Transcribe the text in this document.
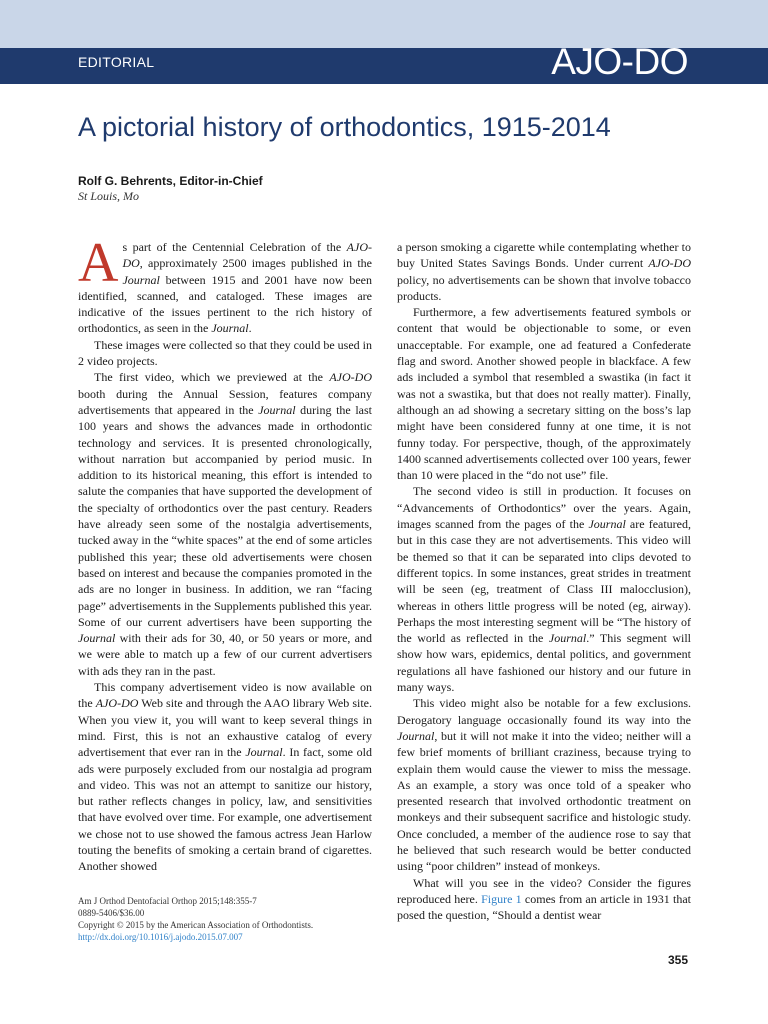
EDITORIAL	AJO-DO
A pictorial history of orthodontics, 1915-2014
Rolf G. Behrents, Editor-in-Chief
St Louis, Mo

As part of the Centennial Celebration of the AJO-DO, approximately 2500 images published in the Journal between 1915 and 2001 have now been identified, scanned, and cataloged. These images are indicative of the issues pertinent to the rich history of orthodontics, as seen in the Journal.

These images were collected so that they could be used in 2 video projects.

The first video, which we previewed at the AJO-DO booth during the Annual Session, features company advertisements that appeared in the Journal during the last 100 years and shows the advances made in orthodontic technology and services. It is presented chronologically, without narration but accompanied by period music. In addition to its historical meaning, this effort is intended to salute the companies that have supported the development of the specialty of orthodontics over the past century. Readers have already seen some of the nostalgia advertisements, tucked away in the “white spaces” at the end of some articles published this year; these old advertisements were chosen based on interest and because the companies promoted in the ads are no longer in business. In addition, we ran “facing page” advertisements in the Supplements published this year. Some of our current advertisers have been supporting the Journal with their ads for 30, 40, or 50 years or more, and we were able to match up a few of our current advertisers with ads they ran in the past.

This company advertisement video is now available on the AJO-DO Web site and through the AAO library Web site. When you view it, you will want to keep several things in mind. First, this is not an exhaustive catalog of every advertisement that ever ran in the Journal. In fact, some old ads were purposely excluded from our nostalgia ad program and video. This was not an attempt to sanitize our history, but rather reflects changes in policy, law, and sensitivities that have evolved over time. For example, one advertisement we chose not to use showed the famous actress Jean Harlow touting the benefits of smoking a certain brand of cigarettes. Another showed

a person smoking a cigarette while contemplating whether to buy United States Savings Bonds. Under current AJO-DO policy, no advertisements can be shown that involve tobacco products.

Furthermore, a few advertisements featured symbols or content that would be objectionable to some, or even unacceptable. For example, one ad featured a Confederate flag and sword. Another showed people in blackface. A few ads included a symbol that resembled a swastika (in fact it was not a swastika, but that does not really matter). Finally, although an ad showing a secretary sitting on the boss’s lap might have been considered funny at one time, it is not funny today. For perspective, though, of the approximately 1400 scanned advertisements collected over 100 years, fewer than 10 were placed in the “do not use” file.

The second video is still in production. It focuses on “Advancements of Orthodontics” over the years. Again, images scanned from the pages of the Journal are featured, but in this case they are not advertisements. This video will be themed so that it can be separated into clips devoted to different topics. In some instances, great strides in treatment will be seen (eg, treatment of Class III malocclusion), whereas in others little progress will be noted (eg, airway). Perhaps the most interesting segment will be “The history of the world as reflected in the Journal.” This segment will show how wars, epidemics, dental politics, and government regulations all have fashioned our history and our future in many ways.

This video might also be notable for a few exclusions. Derogatory language occasionally found its way into the Journal, but it will not make it into the video; neither will a few brief moments of brilliant craziness, because trying to explain them would cause the viewer to miss the message. As an example, a story was once told of a speaker who presented research that involved orthodontic treatment on monkeys and their subsequent sacrifice and histologic study. Once concluded, a member of the audience rose to say that he believed that such research would be better conducted using “poor children” instead of monkeys.

What will you see in the video? Consider the figures reproduced here. Figure 1 comes from an article in 1931 that posed the question, “Should a dentist wear

Am J Orthod Dentofacial Orthop 2015;148:355-7
0889-5406/$36.00
Copyright © 2015 by the American Association of Orthodontists.
http://dx.doi.org/10.1016/j.ajodo.2015.07.007
355
